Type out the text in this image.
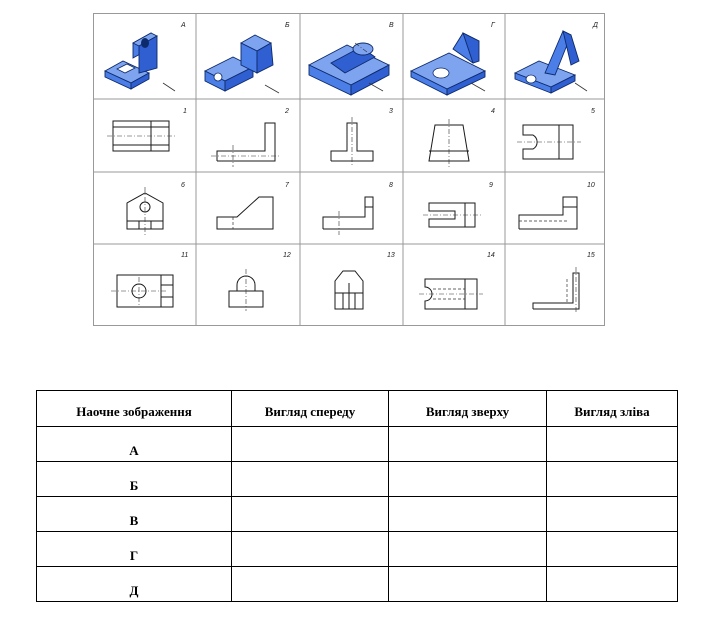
А	Б	В	Г	Д
1	2	3	4	5
6	7	8	9	10
11	12	13	14	15
Наочне зображення	Вигляд спереду	Вигляд зверху	Вигляд зліва
А			
Б			
В			
Г			
Д			
